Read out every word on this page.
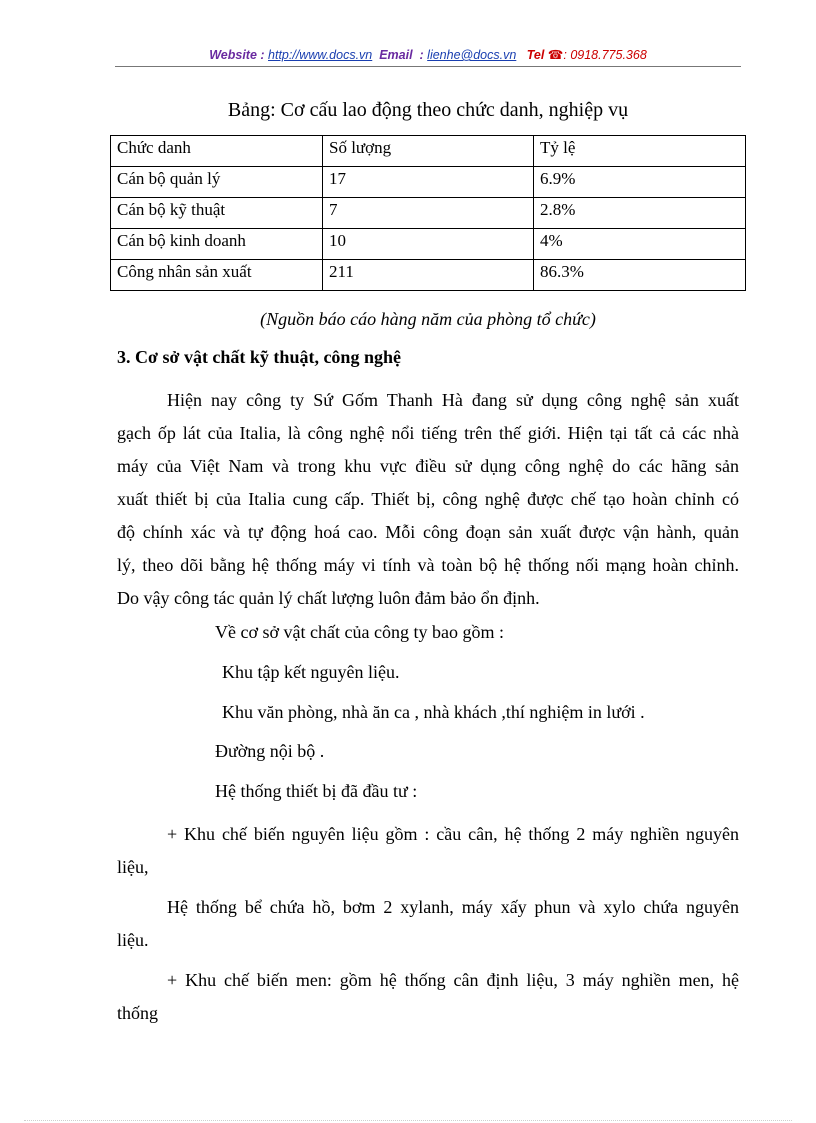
Website : http://www.docs.vn Email : lienhe@docs.vn Tel ☎: 0918.775.368
Bảng: Cơ cấu lao động theo chức danh, nghiệp vụ
Chức danh	Số lượng	Tỷ lệ
Cán bộ quản lý	17	6.9%
Cán bộ kỹ thuật	7	2.8%
Cán bộ kinh doanh	10	4%
Công nhân sản xuất	211	86.3%
(Nguồn báo cáo hàng năm của phòng tổ chức)
3. Cơ sở vật chất kỹ thuật, công nghệ
Hiện nay công ty Sứ Gốm Thanh Hà đang sử dụng công nghệ sản xuất
gạch ốp lát của Italia, là công nghệ nổi tiếng trên thế giới. Hiện tại tất cả các nhà
máy của Việt Nam và trong khu vực điều sử dụng công nghệ do các hãng sản
xuất thiết bị của Italia cung cấp. Thiết bị, công nghệ được chế tạo hoàn chỉnh có
độ chính xác và tự động hoá cao. Mỗi công đoạn sản xuất được vận hành, quản
lý, theo dõi bằng hệ thống máy vi tính và toàn bộ hệ thống nối mạng hoàn chỉnh.
Do vậy công tác quản lý chất lượng luôn đảm bảo ổn định.
Về cơ sở vật chất của công ty bao gồm :
Khu tập kết nguyên liệu.
Khu văn phòng, nhà ăn ca , nhà khách ,thí nghiệm in lưới .
Đường nội bộ .
Hệ thống thiết bị đã đầu tư :
+ Khu chế biến nguyên liệu gồm : cầu cân, hệ thống 2 máy nghiền nguyên
liệu,
Hệ thống bể chứa hồ, bơm 2 xylanh, máy xấy phun và xylo chứa nguyên
liệu.
+ Khu chế biến men: gồm hệ thống cân định liệu, 3 máy nghiền men, hệ
thống
